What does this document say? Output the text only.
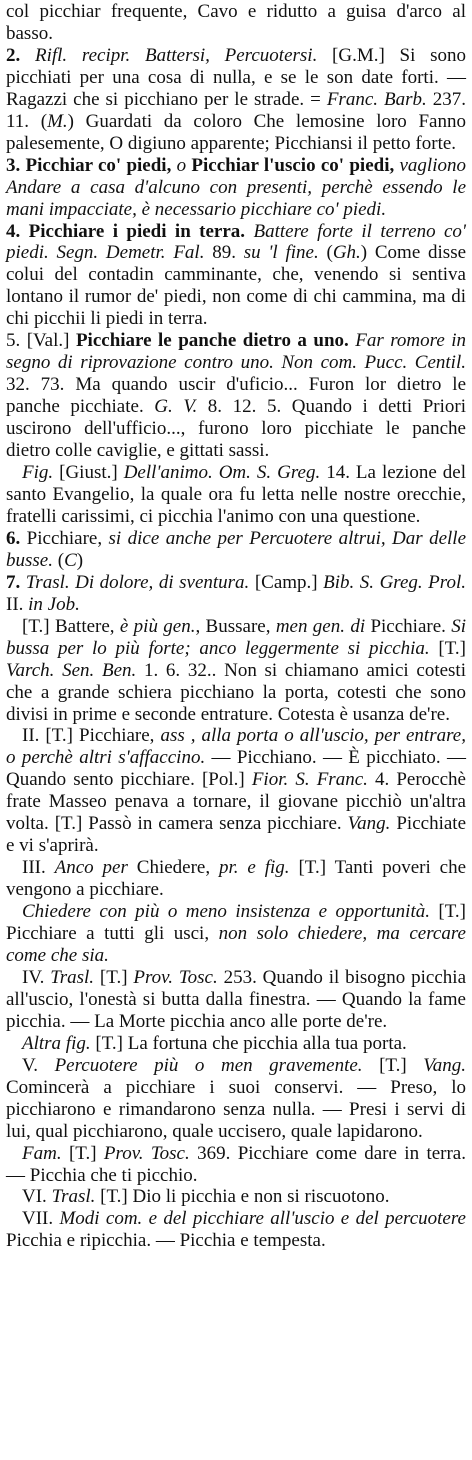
col picchiar frequente, Cavo e ridutto a guisa d'arco al basso.

2. Rifl. recipr. Battersi, Percuotersi. [G.M.] Si sono picchiati per una cosa di nulla, e se le son date forti. — Ragazzi che si picchiano per le strade. = Franc. Barb. 237. 11. (M.) Guardati da coloro Che lemosine loro Fanno palesemente, O digiuno apparente; Picchiansi il petto forte.

3. Picchiar co' piedi, o Picchiar l'uscio co' piedi, vagliono Andare a casa d'alcuno con presenti, perchè essendo le mani impacciate, è necessario picchiare co' piedi.

4. Picchiare i piedi in terra. Battere forte il terreno co' piedi. Segn. Demetr. Fal. 89. su 'l fine. (Gh.) Come disse colui del contadin camminante, che, venendo si sentiva lontano il rumor de' piedi, non come di chi cammina, ma di chi picchii li piedi in terra.

5. [Val.] Picchiare le panche dietro a uno. Far romore in segno di riprovazione contro uno. Non com. Pucc. Centil. 32. 73. Ma quando uscir d'uficio... Furon lor dietro le panche picchiate. G. V. 8. 12. 5. Quando i detti Priori uscirono dell'ufficio..., furono loro picchiate le panche dietro colle caviglie, e gittati sassi.

Fig. [Giust.] Dell'animo. Om. S. Greg. 14. La lezione del santo Evangelio, la quale ora fu letta nelle nostre orecchie, fratelli carissimi, ci picchia l'animo con una questione.

6. Picchiare, si dice anche per Percuotere altrui, Dar delle busse. (C)

7. Trasl. Di dolore, di sventura. [Camp.] Bib. S. Greg. Prol. II. in Job.

[T.] Battere, è più gen., Bussare, men gen. di Picchiare. Si bussa per lo più forte; anco leggermente si picchia. [T.] Varch. Sen. Ben. 1. 6. 32.. Non si chiamano amici cotesti che a grande schiera picchiano la porta, cotesti che sono divisi in prime e seconde entrature. Cotesta è usanza de're.

II. [T.] Picchiare, ass , alla porta o all'uscio, per entrare, o perchè altri s'affaccino. — Picchiano. — È picchiato. — Quando sento picchiare. [Pol.] Fior. S. Franc. 4. Perocchè frate Masseo penava a tornare, il giovane picchiò un'altra volta. [T.] Passò in camera senza picchiare. Vang. Picchiate e vi s'aprirà.

III. Anco per Chiedere, pr. e fig. [T.] Tanti poveri che vengono a picchiare.

Chiedere con più o meno insistenza e opportunità. [T.] Picchiare a tutti gli usci, non solo chiedere, ma cercare come che sia.

IV. Trasl. [T.] Prov. Tosc. 253. Quando il bisogno picchia all'uscio, l'onestà si butta dalla finestra. — Quando la fame picchia. — La Morte picchia anco alle porte de're.

Altra fig. [T.] La fortuna che picchia alla tua porta.

V. Percuotere più o men gravemente. [T.] Vang. Comincerà a picchiare i suoi conservi. — Preso, lo picchiarono e rimandarono senza nulla. — Presi i servi di lui, qual picchiarono, quale uccisero, quale lapidarono.

Fam. [T.] Prov. Tosc. 369. Picchiare come dare in terra. — Picchia che ti picchio.

VI. Trasl. [T.] Dio li picchia e non si riscuotono.

VII. Modi com. e del picchiare all'uscio e del percuotere Picchia e ripicchia. — Picchia e tempesta.
